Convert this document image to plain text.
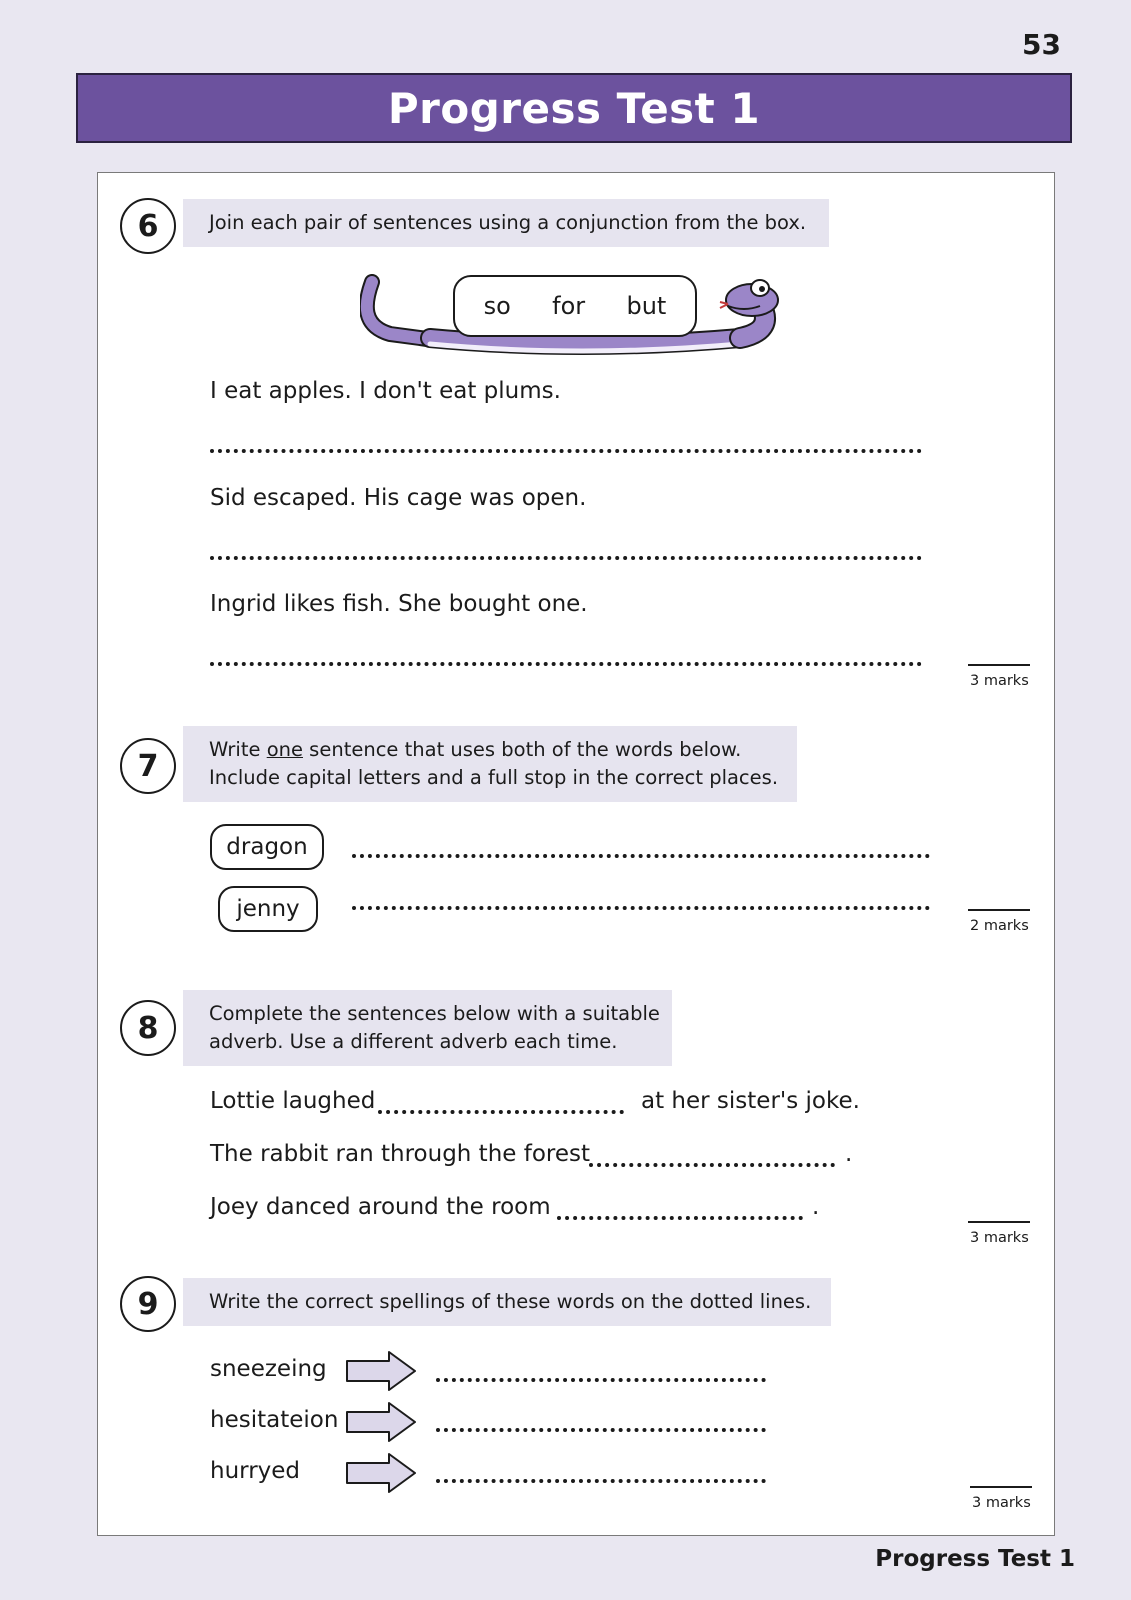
53
Progress Test 1
6	Join each pair of sentences using a conjunction from the box.
so for but
I eat apples. I don't eat plums.
Sid escaped. His cage was open.
Ingrid likes fish. She bought one.
3 marks
7	Write one sentence that uses both of the words below.
Include capital letters and a full stop in the correct places.
dragon
jenny
2 marks
8	Complete the sentences below with a suitable
adverb. Use a different adverb each time.
Lottie laughed	at her sister's joke.
The rabbit ran through the forest	.
Joey danced around the room	.
3 marks
9	Write the correct spellings of these words on the dotted lines.
sneezeing
hesitateion
hurryed
3 marks
Progress Test 1
